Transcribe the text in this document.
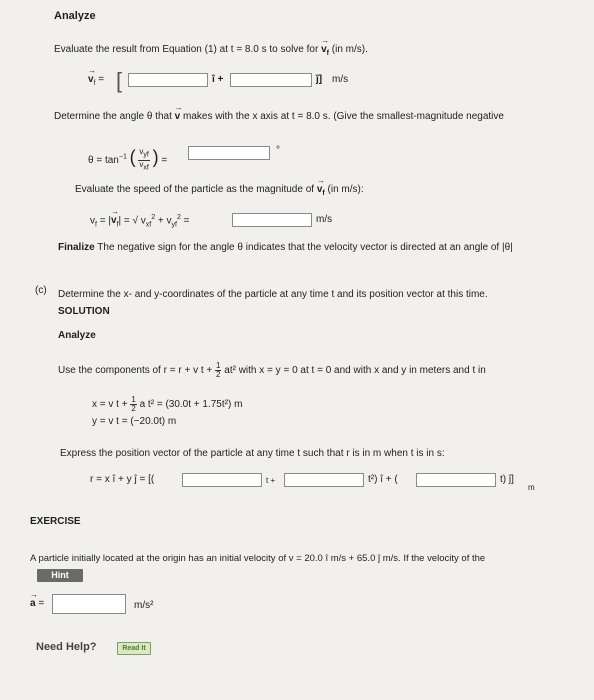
Analyze
Evaluate the result from Equation (1) at t = 8.0 s to solve for → $v_f$ (in m/s).
→ $v_f$ = [	î +	ĵ] m/s
Determine the angle θ that → v makes with the x axis at t = 8.0 s. (Give the smallest-magnitude negative
$\theta = \tan^{-1}$ ( $\frac{v_{yf}}{v_{xf}}$ ) =
°
Evaluate the speed of the particle as the magnitude of → $v_f$ (in m/s):
$v_f$ = |→ $v_f|$ = √ $v_{xf}^2 + v_{yf}^2$ =	m/s
Finalize The negative sign for the angle θ indicates that the velocity vector is directed at an angle of |θ|
(c) Determine the x- and y-coordinates of the particle at any time t and its position vector at this time.
SOLUTION
Analyze
Use the components of r = r + v $t + \frac{1}{2} at^2$ with x = y = 0 at t = 0 and with x and y in meters and t in
x = v $t + \frac{1}{2}$ a t² = (30.0t + 1.75t²) m
y = v t = (−20.0t) m
Express the position vector of the particle at any time t such that r is in m when t is in s:
r = x î + y ĵ = [(	t +	t²) î + (	t) ĵ]
m
EXERCISE
A particle initially located at the origin has an initial velocity of v = 20.0 î m/s + 65.0 ĵ m/s. If the velocity of the
Hint
→ a =	m/s²
Need Help?	Read It
